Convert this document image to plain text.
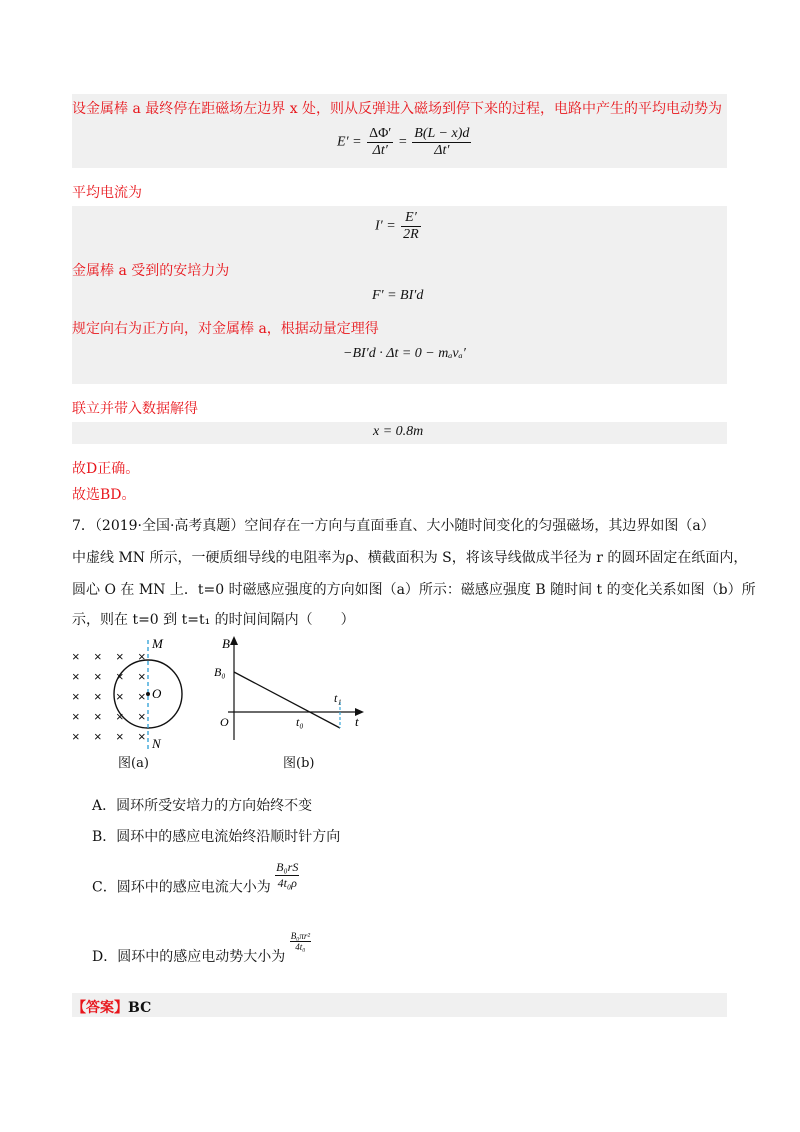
设金属棒 a 最终停在距磁场左边界 x 处，则从反弹进入磁场到停下来的过程，电路中产生的平均电动势为
$E' = \frac{\Delta\Phi'}{\Delta t'} = \frac{B(L - x)d}{\Delta t'}$
平均电流为
$I' = \frac{E'}{2R}$
金属棒 a 受到的安培力为
F′ = BI′d
规定向右为正方向，对金属棒 a，根据动量定理得
−BI′d · Δt = 0 − mₐvₐ′
联立并带入数据解得
x = 0.8m
故D正确。
故选BD。
7．（2019·全国·高考真题）空间存在一方向与直面垂直、大小随时间变化的匀强磁场，其边界如图（a）
中虚线 MN 所示，一硬质细导线的电阻率为ρ、横截面积为 S，将该导线做成半径为 r 的圆环固定在纸面内，
圆心 O 在 MN 上．t=0 时磁感应强度的方向如图（a）所示：磁感应强度 B 随时间 t 的变化关系如图（b）所
示，则在 t=0 到 t=t₁ 的时间间隔内（　　）
× × × ×
× × × ×
× × × ×
× × × ×
× × × ×
M
O
N
图(a)
B
B₀
O	t₀
t₁
t
图(b)
A．圆环所受安培力的方向始终不变
B．圆环中的感应电流始终沿顺时针方向
C．圆环中的感应电流大小为 $\frac{\text{B₀rS}}{\text{4t₀ρ}}$
D．圆环中的感应电动势大小为
$\frac{\text{B₀πr²}}{\text{4t₀}}$
【答案】BC
